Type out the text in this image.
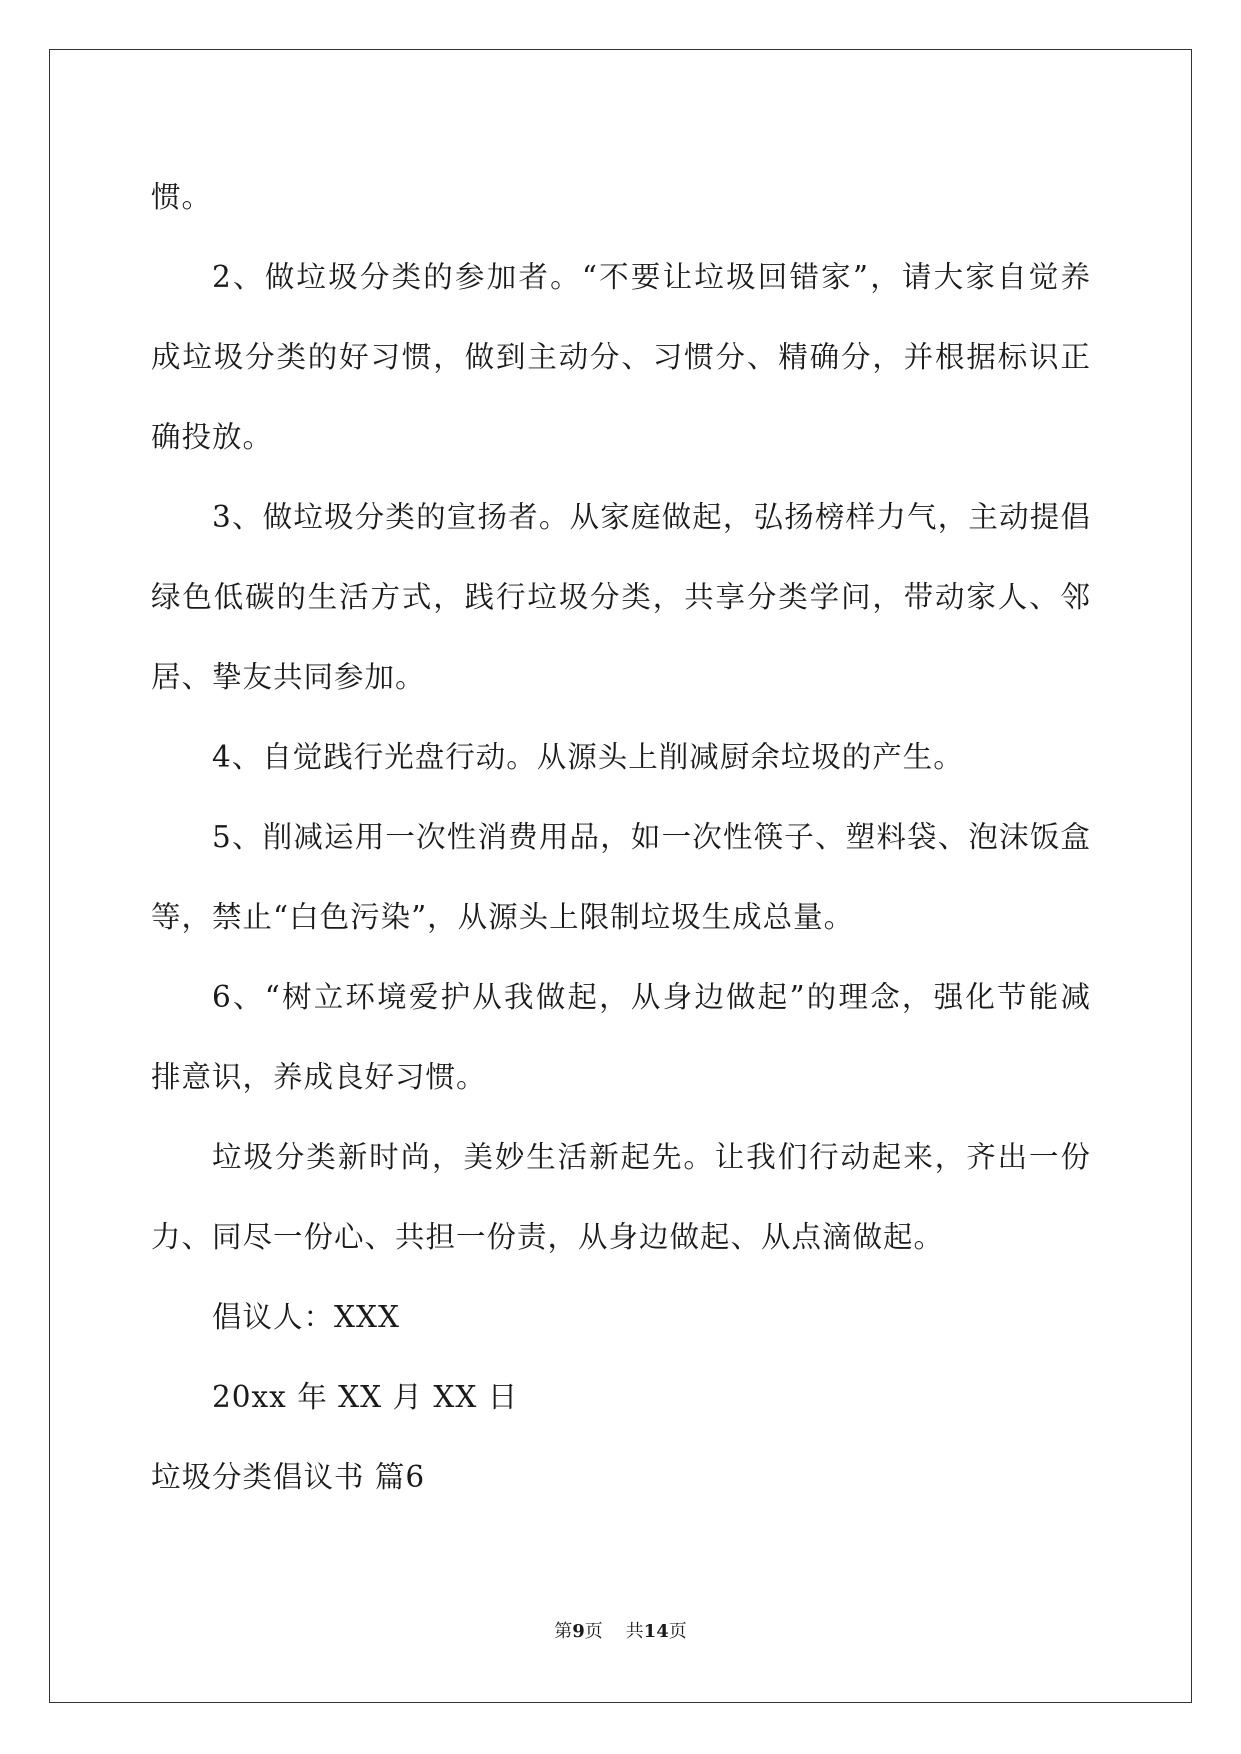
惯。
2、做垃圾分类的参加者。“不要让垃圾回错家”，请大家自觉养
成垃圾分类的好习惯，做到主动分、习惯分、精确分，并根据标识正
确投放。
3、做垃圾分类的宣扬者。从家庭做起，弘扬榜样力气，主动提倡
绿色低碳的生活方式，践行垃圾分类，共享分类学问，带动家人、邻
居、挚友共同参加。
4、自觉践行光盘行动。从源头上削减厨余垃圾的产生。
5、削减运用一次性消费用品，如一次性筷子、塑料袋、泡沫饭盒
等，禁止“白色污染”，从源头上限制垃圾生成总量。
6、“树立环境爱护从我做起，从身边做起”的理念，强化节能减
排意识，养成良好习惯。
垃圾分类新时尚，美妙生活新起先。让我们行动起来，齐出一份
力、同尽一份心、共担一份责，从身边做起、从点滴做起。
倡议人：XXX
20xx 年 XX 月 XX 日
垃圾分类倡议书 篇6
第9页 共14页
